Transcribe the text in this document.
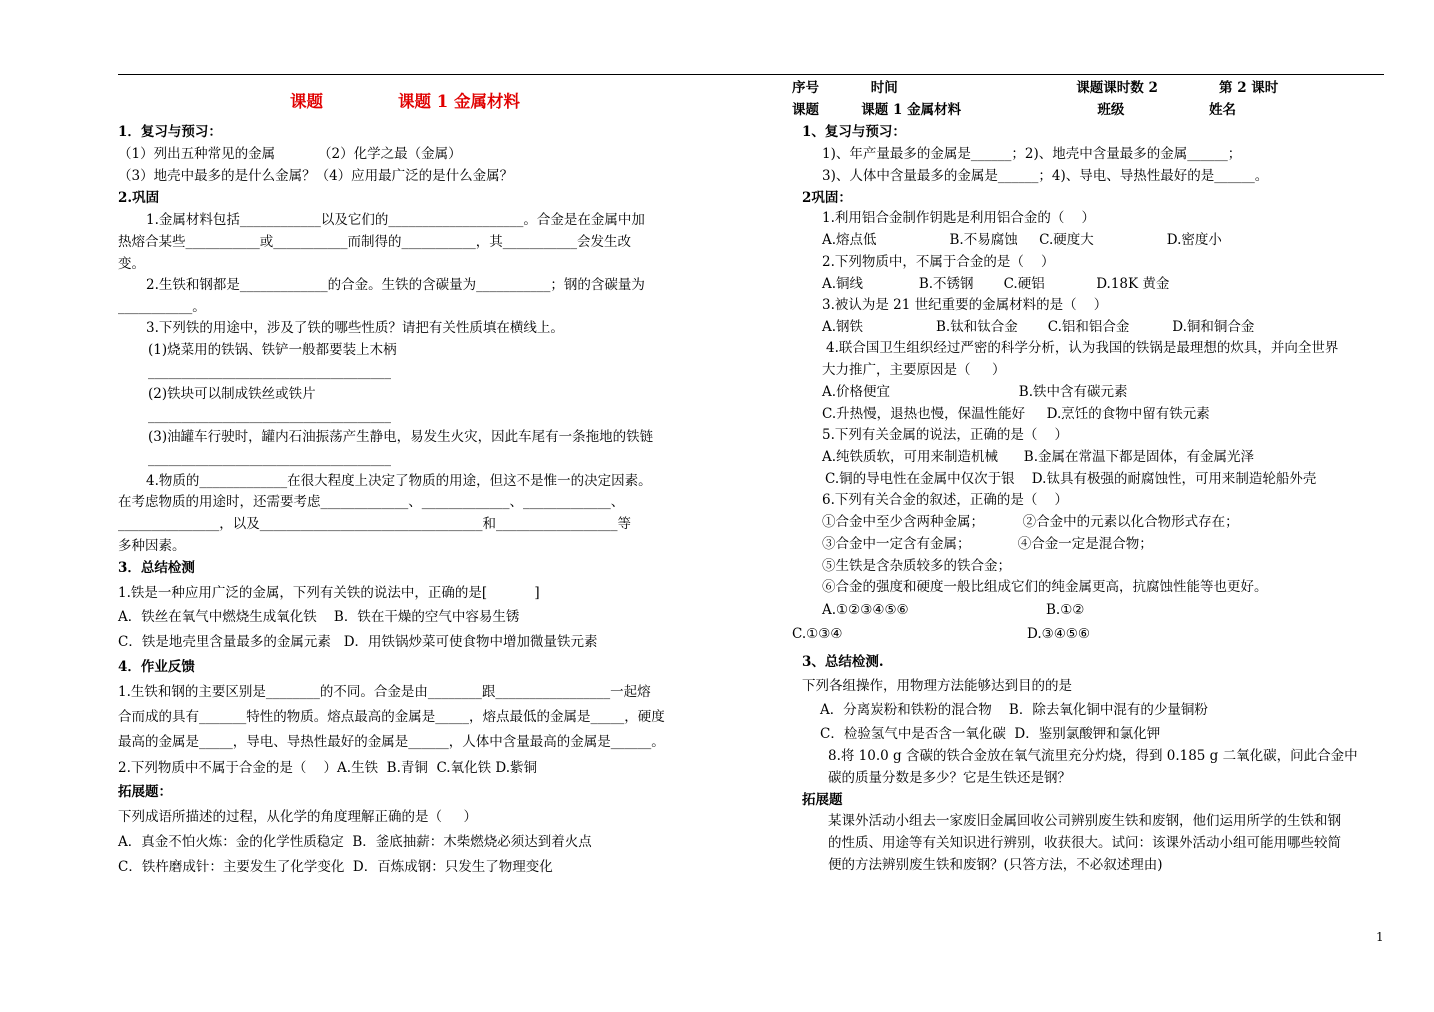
课题	课题 1 金属材料
1．复习与预习：
（1）列出五种常见的金属          （2）化学之最（金属）
（3）地壳中最多的是什么金属？（4）应用最广泛的是什么金属？
2.巩固
1.金属材料包括____________以及它们的____________________。合金是在金属中加
热熔合某些___________或___________而制得的___________，其___________会发生改
变。
2.生铁和钢都是_____________的合金。生铁的含碳量为___________；钢的含碳量为
___________。
3.下列铁的用途中，涉及了铁的哪些性质？请把有关性质填在横线上。
(1)烧菜用的铁锅、铁铲一般都要装上木柄
____________________________________
(2)铁块可以制成铁丝或铁片
____________________________________
(3)油罐车行驶时，罐内石油振荡产生静电，易发生火灾，因此车尾有一条拖地的铁链
____________________________________
4.物质的_____________在很大程度上决定了物质的用途，但这不是惟一的决定因素。
在考虑物质的用途时，还需要考虑_____________、_____________、_____________、
_______________，以及_________________________________和__________________等
多种因素。
3．总结检测
1.铁是一种应用广泛的金属，下列有关铁的说法中，正确的是[           ]
A．铁丝在氧气中燃烧生成氧化铁    B．铁在干燥的空气中容易生锈
C．铁是地壳里含量最多的金属元素   D．用铁锅炒菜可使食物中增加微量铁元素
4．作业反馈
1.生铁和钢的主要区别是________的不同。合金是由________跟_________________一起熔
合而成的具有_______特性的物质。熔点最高的金属是_____，熔点最低的金属是_____，硬度
最高的金属是_____，导电、导热性最好的金属是______，人体中含量最高的金属是______。
2.下列物质中不属于合金的是（    ）A.生铁  B.青铜  C.氧化铁 D.紫铜
拓展题：
下列成语所描述的过程，从化学的角度理解正确的是（     ）
A．真金不怕火炼：金的化学性质稳定  B．釜底抽薪：木柴燃烧必须达到着火点
C．铁杵磨成针：主要发生了化学变化  D．百炼成钢：只发生了物理变化
序号           时间                                      课题课时数 2             第 2 课时
课题         课题 1 金属材料                             班级                  姓名
1、复习与预习：
1)、年产量最多的金属是______；2)、地壳中含量最多的金属______；
3)、人体中含量最多的金属是______；4)、导电、导热性最好的是______。
2巩固：
1.利用铝合金制作钥匙是利用铝合金的（    ）
A.熔点低                 B.不易腐蚀     C.硬度大                 D.密度小
2.下列物质中，不属于合金的是（    ）
A.铜线             B.不锈钢       C.硬铝            D.18K 黄金
3.被认为是 21 世纪重要的金属材料的是（    ）
A.钢铁                 B.钛和钛合金       C.铝和铝合金          D.铜和铜合金
4.联合国卫生组织经过严密的科学分析，认为我国的铁锅是最理想的炊具，并向全世界
大力推广，主要原因是（     ）
A.价格便宜                              B.铁中含有碳元素
C.升热慢，退热也慢，保温性能好     D.烹饪的食物中留有铁元素
5.下列有关金属的说法，正确的是（    ）
A.纯铁质软，可用来制造机械      B.金属在常温下都是固体，有金属光泽
C.铜的导电性在金属中仅次于银    D.钛具有极强的耐腐蚀性，可用来制造轮船外壳
6.下列有关合金的叙述，正确的是（    ）
①合金中至少含两种金属；         ②合金中的元素以化合物形式存在；
③合金中一定含有金属；           ④合金一定是混合物；
⑤生铁是含杂质较多的铁合金；
⑥合金的强度和硬度一般比组成它们的纯金属更高，抗腐蚀性能等也更好。
A.①②③④⑤⑥                                B.①②
C.①③④                                           D.③④⑤⑥
3、总结检测.
下列各组操作，用物理方法能够达到目的的是
A．分离炭粉和铁粉的混合物    B．除去氧化铜中混有的少量铜粉
C．检验氢气中是否含一氧化碳  D．鉴别氯酸钾和氯化钾
8.将 10.0 g 含碳的铁合金放在氧气流里充分灼烧，得到 0.185 g 二氧化碳，问此合金中
碳的质量分数是多少？它是生铁还是钢？
拓展题
某课外活动小组去一家废旧金属回收公司辨别废生铁和废钢，他们运用所学的生铁和钢
的性质、用途等有关知识进行辨别，收获很大。试问：该课外活动小组可能用哪些较简
便的方法辨别废生铁和废钢？(只答方法，不必叙述理由)
1
